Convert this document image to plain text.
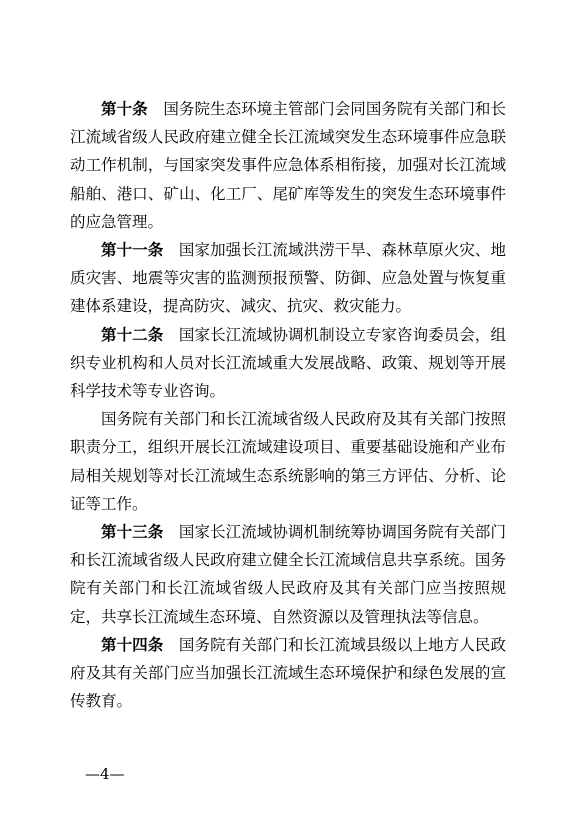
第十条 国务院生态环境主管部门会同国务院有关部门和长江流域省级人民政府建立健全长江流域突发生态环境事件应急联动工作机制，与国家突发事件应急体系相衔接，加强对长江流域船舶、港口、矿山、化工厂、尾矿库等发生的突发生态环境事件的应急管理。

第十一条 国家加强长江流域洪涝干旱、森林草原火灾、地质灾害、地震等灾害的监测预报预警、防御、应急处置与恢复重建体系建设，提高防灾、减灾、抗灾、救灾能力。

第十二条 国家长江流域协调机制设立专家咨询委员会，组织专业机构和人员对长江流域重大发展战略、政策、规划等开展科学技术等专业咨询。

国务院有关部门和长江流域省级人民政府及其有关部门按照职责分工，组织开展长江流域建设项目、重要基础设施和产业布局相关规划等对长江流域生态系统影响的第三方评估、分析、论证等工作。

第十三条 国家长江流域协调机制统筹协调国务院有关部门和长江流域省级人民政府建立健全长江流域信息共享系统。国务院有关部门和长江流域省级人民政府及其有关部门应当按照规定，共享长江流域生态环境、自然资源以及管理执法等信息。

第十四条 国务院有关部门和长江流域县级以上地方人民政府及其有关部门应当加强长江流域生态环境保护和绿色发展的宣传教育。

—4—
